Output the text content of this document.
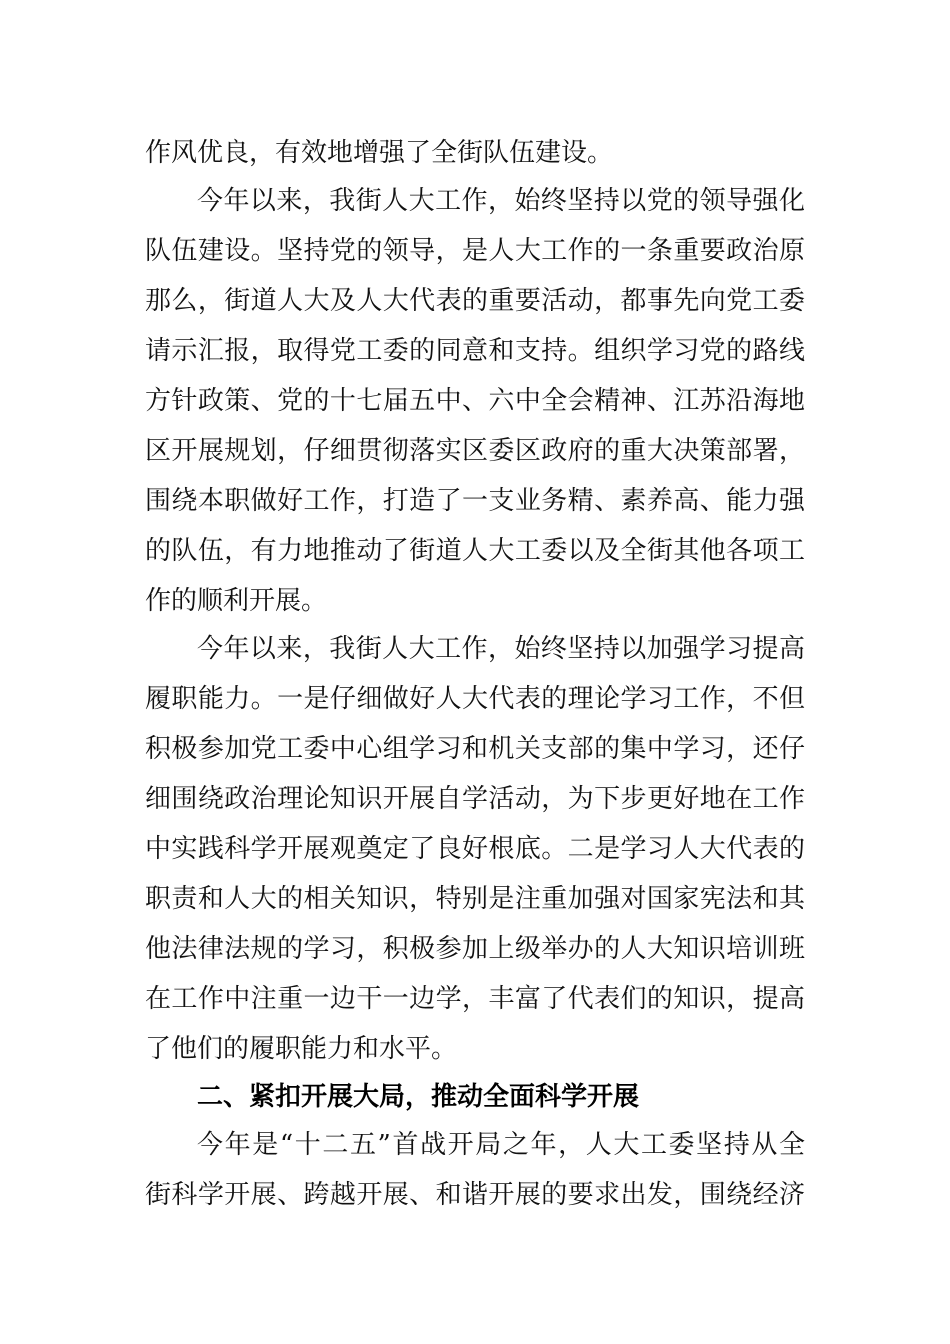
作风优良，有效地增强了全街队伍建设。
今年以来，我街人大工作，始终坚持以党的领导强化
队伍建设。坚持党的领导，是人大工作的一条重要政治原
那么，街道人大及人大代表的重要活动，都事先向党工委
请示汇报，取得党工委的同意和支持。组织学习党的路线
方针政策、党的十七届五中、六中全会精神、江苏沿海地
区开展规划，仔细贯彻落实区委区政府的重大决策部署，
围绕本职做好工作，打造了一支业务精、素养高、能力强
的队伍，有力地推动了街道人大工委以及全街其他各项工
作的顺利开展。
今年以来，我街人大工作，始终坚持以加强学习提高
履职能力。一是仔细做好人大代表的理论学习工作，不但
积极参加党工委中心组学习和机关支部的集中学习，还仔
细围绕政治理论知识开展自学活动，为下步更好地在工作
中实践科学开展观奠定了良好根底。二是学习人大代表的
职责和人大的相关知识，特别是注重加强对国家宪法和其
他法律法规的学习，积极参加上级举办的人大知识培训班
在工作中注重一边干一边学，丰富了代表们的知识，提高
了他们的履职能力和水平。
二、紧扣开展大局，推动全面科学开展
今年是“十二五”首战开局之年，人大工委坚持从全
街科学开展、跨越开展、和谐开展的要求出发，围绕经济
